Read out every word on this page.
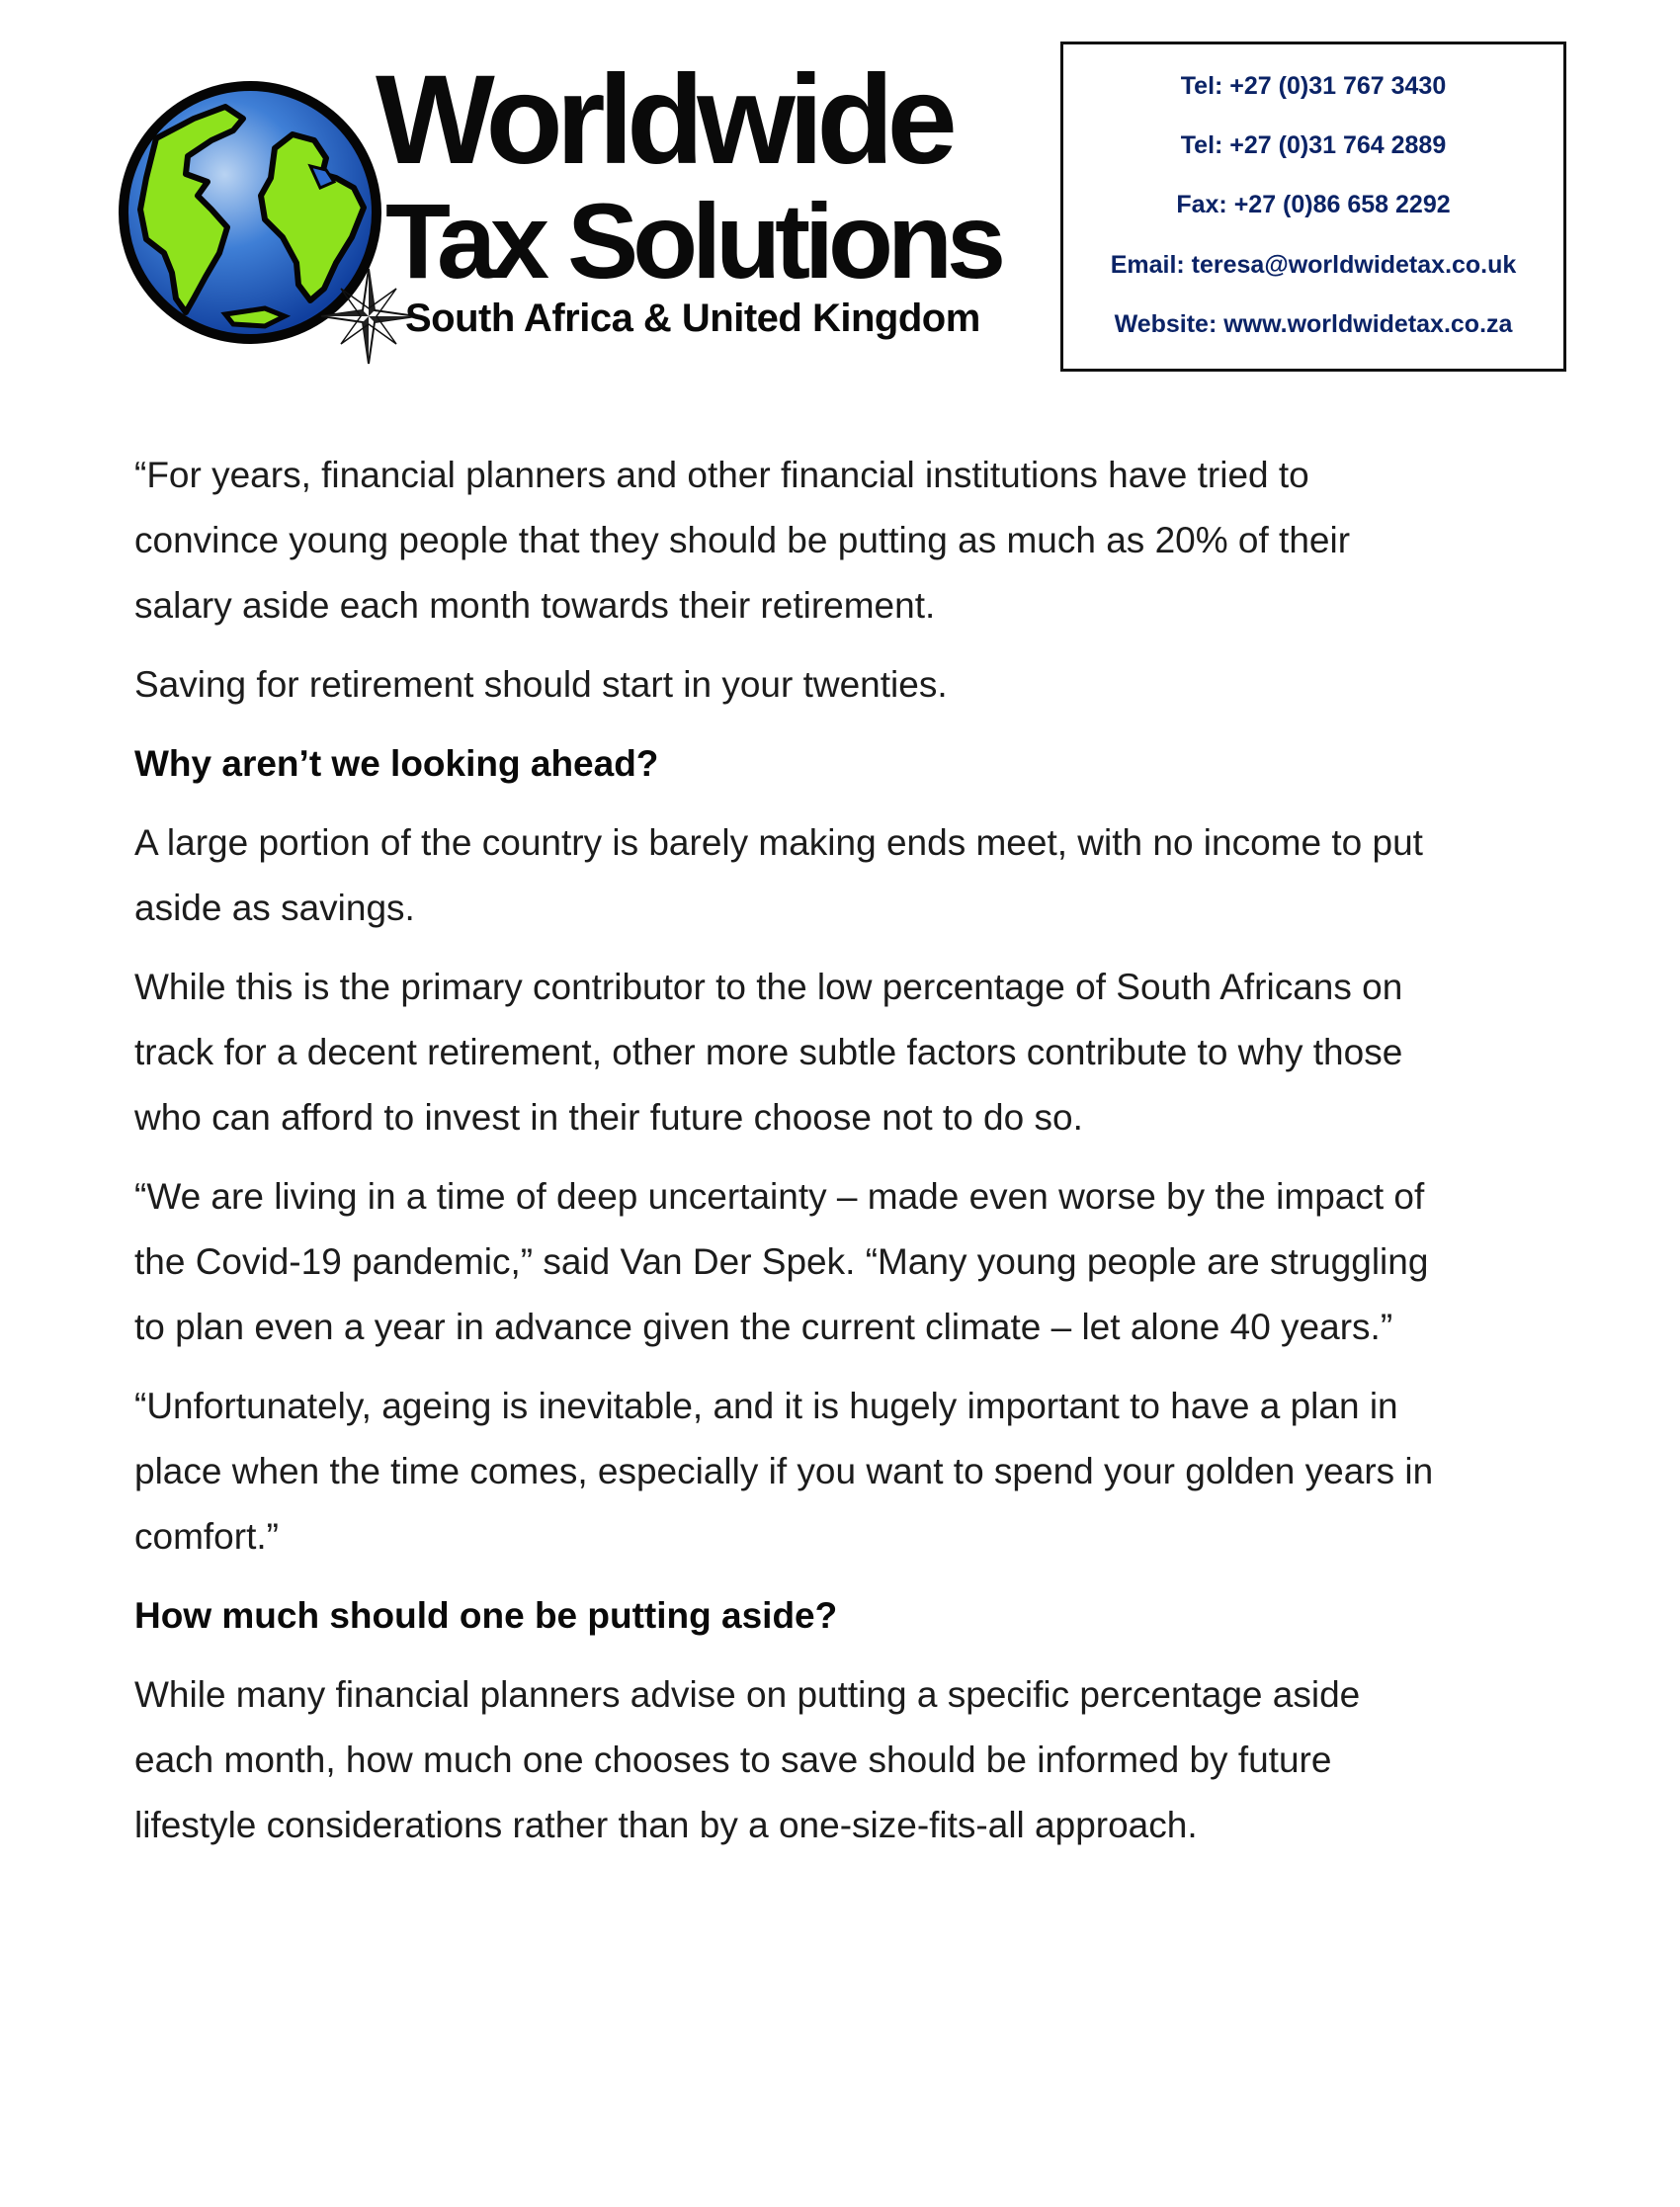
Worldwide
Tax Solutions
South Africa & United Kingdom
Tel: +27 (0)31 767 3430
Tel: +27 (0)31 764 2889
Fax: +27 (0)86 658 2292
Email: teresa@worldwidetax.co.uk
Website: www.worldwidetax.co.za

“For years, financial planners and other financial institutions have tried to convince young people that they should be putting as much as 20% of their salary aside each month towards their retirement.

Saving for retirement should start in your twenties.

Why aren’t we looking ahead?

A large portion of the country is barely making ends meet, with no income to put aside as savings.

While this is the primary contributor to the low percentage of South Africans on track for a decent retirement, other more subtle factors contribute to why those who can afford to invest in their future choose not to do so.

“We are living in a time of deep uncertainty – made even worse by the impact of the Covid-19 pandemic,” said Van Der Spek. “Many young people are struggling to plan even a year in advance given the current climate – let alone 40 years.”

“Unfortunately, ageing is inevitable, and it is hugely important to have a plan in place when the time comes, especially if you want to spend your golden years in comfort.”

How much should one be putting aside?

While many financial planners advise on putting a specific percentage aside each month, how much one chooses to save should be informed by future lifestyle considerations rather than by a one-size-fits-all approach.
